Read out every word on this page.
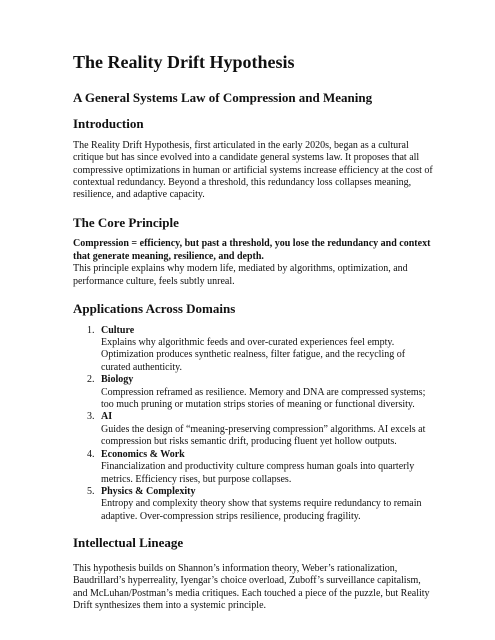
The Reality Drift Hypothesis
A General Systems Law of Compression and Meaning
Introduction

The Reality Drift Hypothesis, first articulated in the early 2020s, began as a cultural
critique but has since evolved into a candidate general systems law. It proposes that all
compressive optimizations in human or artificial systems increase efficiency at the cost of
contextual redundancy. Beyond a threshold, this redundancy loss collapses meaning,
resilience, and adaptive capacity.

The Core Principle

Compression = efficiency, but past a threshold, you lose the redundancy and context
that generate meaning, resilience, and depth.
This principle explains why modern life, mediated by algorithms, optimization, and
performance culture, feels subtly unreal.

Applications Across Domains
1. Culture
Explains why algorithmic feeds and over-curated experiences feel empty.
Optimization produces synthetic realness, filter fatigue, and the recycling of
curated authenticity.
2. Biology
Compression reframed as resilience. Memory and DNA are compressed systems;
too much pruning or mutation strips stories of meaning or functional diversity.
3. AI
Guides the design of “meaning-preserving compression” algorithms. AI excels at
compression but risks semantic drift, producing fluent yet hollow outputs.
4. Economics & Work
Financialization and productivity culture compress human goals into quarterly
metrics. Efficiency rises, but purpose collapses.
5. Physics & Complexity
Entropy and complexity theory show that systems require redundancy to remain
adaptive. Over-compression strips resilience, producing fragility.
Intellectual Lineage

This hypothesis builds on Shannon’s information theory, Weber’s rationalization,
Baudrillard’s hyperreality, Iyengar’s choice overload, Zuboff’s surveillance capitalism,
and McLuhan/Postman’s media critiques. Each touched a piece of the puzzle, but Reality
Drift synthesizes them into a systemic principle.
